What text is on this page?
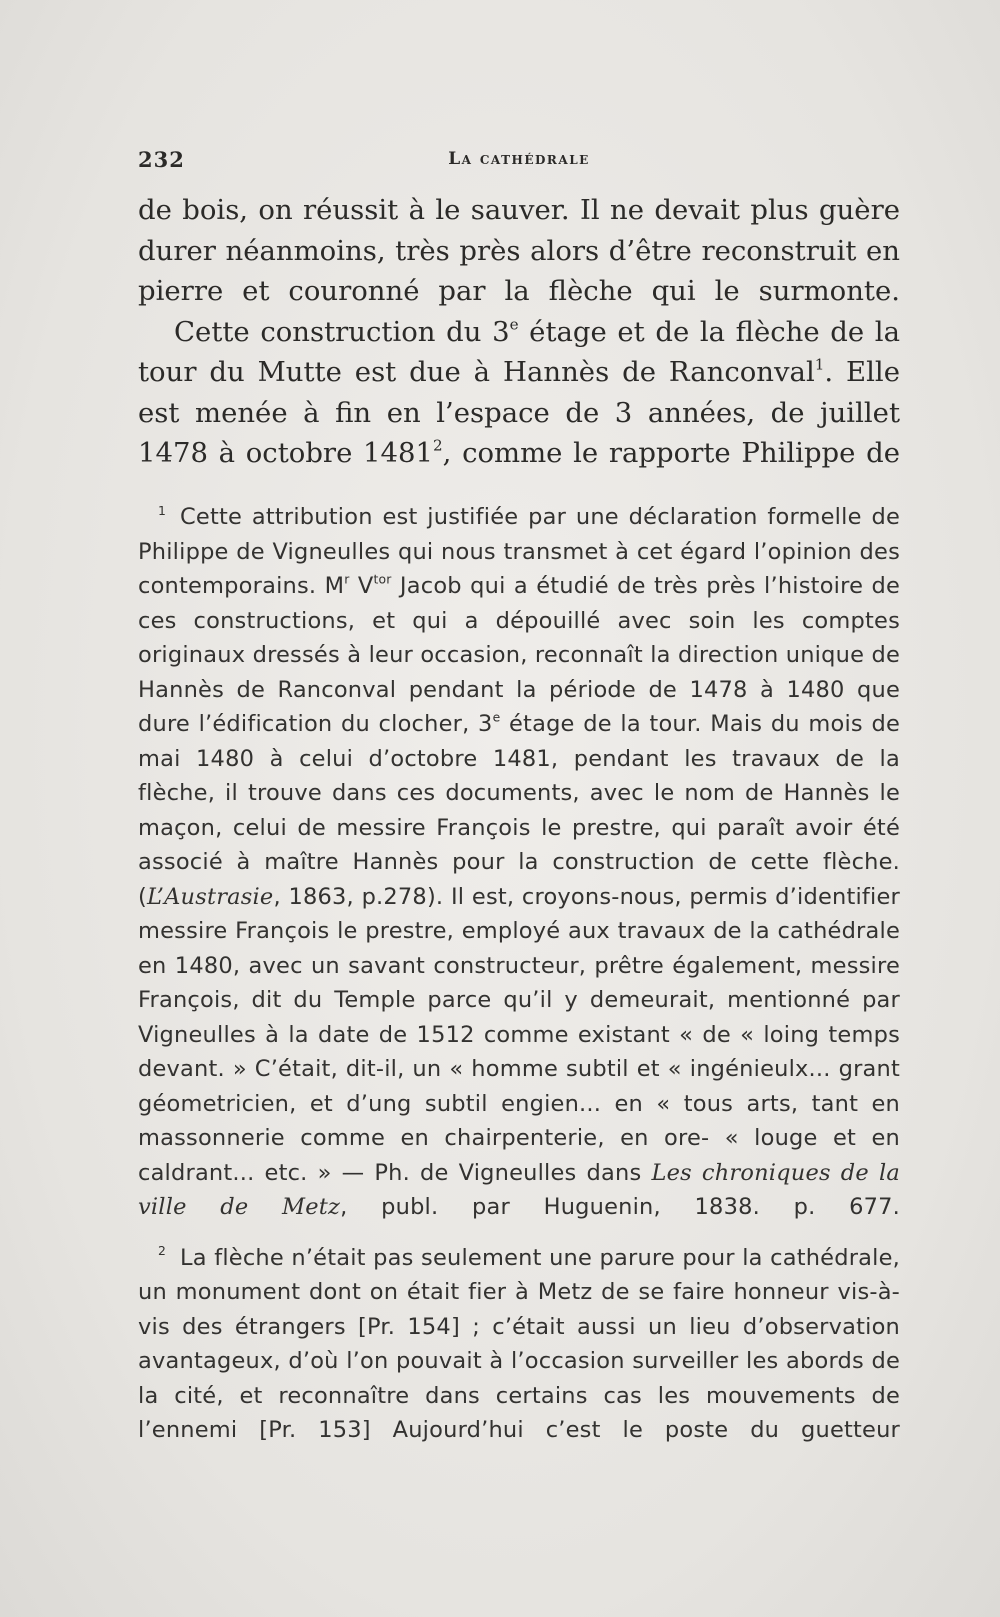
232	La cathédrale

de bois, on réussit à le sauver. Il ne devait plus guère durer néanmoins, très près alors d’être reconstruit en pierre et couronné par la flèche qui le surmonte.

Cette construction du 3e étage et de la flèche de la tour du Mutte est due à Hannès de Ranconval$^1$. Elle est menée à fin en l’espace de 3 années, de juillet 1478 à octobre 1481$^2$, comme le rapporte Philippe de

$^1$ Cette attribution est justifiée par une déclaration formelle de Philippe de Vigneulles qui nous transmet à cet égard l’opinion des contemporains. $M^r$ $V^{tor}$ Jacob qui a étudié de très près l’histoire de ces constructions, et qui a dépouillé avec soin les comptes originaux dressés à leur occasion, reconnaît la direction unique de Hannès de Ranconval pendant la période de 1478 à 1480 que dure l’édification du clocher, 3e étage de la tour. Mais du mois de mai 1480 à celui d’octobre 1481, pendant les travaux de la flèche, il trouve dans ces documents, avec le nom de Hannès le maçon, celui de messire François le prestre, qui paraît avoir été associé à maître Hannès pour la construction de cette flèche. (L’Austrasie, 1863, p.278). Il est, croyons-nous, permis d’identifier messire François le prestre, employé aux travaux de la cathédrale en 1480, avec un savant constructeur, prêtre également, messire François, dit du Temple parce qu’il y demeurait, mentionné par Vigneulles à la date de 1512 comme existant « de « loing temps devant. » C’était, dit-il, un « homme subtil et « ingénieulx... grant géometricien, et d’ung subtil engien... en « tous arts, tant en massonnerie comme en chairpenterie, en ore- « louge et en caldrant... etc. » — Ph. de Vigneulles dans Les chroniques de la ville de Metz, publ. par Huguenin, 1838. p. 677.

$^2$ La flèche n’était pas seulement une parure pour la cathédrale, un monument dont on était fier à Metz de se faire honneur vis-à-vis des étrangers [Pr. 154] ; c’était aussi un lieu d’observation avantageux, d’où l’on pouvait à l’occasion surveiller les abords de la cité, et reconnaître dans certains cas les mouvements de l’ennemi [Pr. 153] Aujourd’hui c’est le poste du guetteur
